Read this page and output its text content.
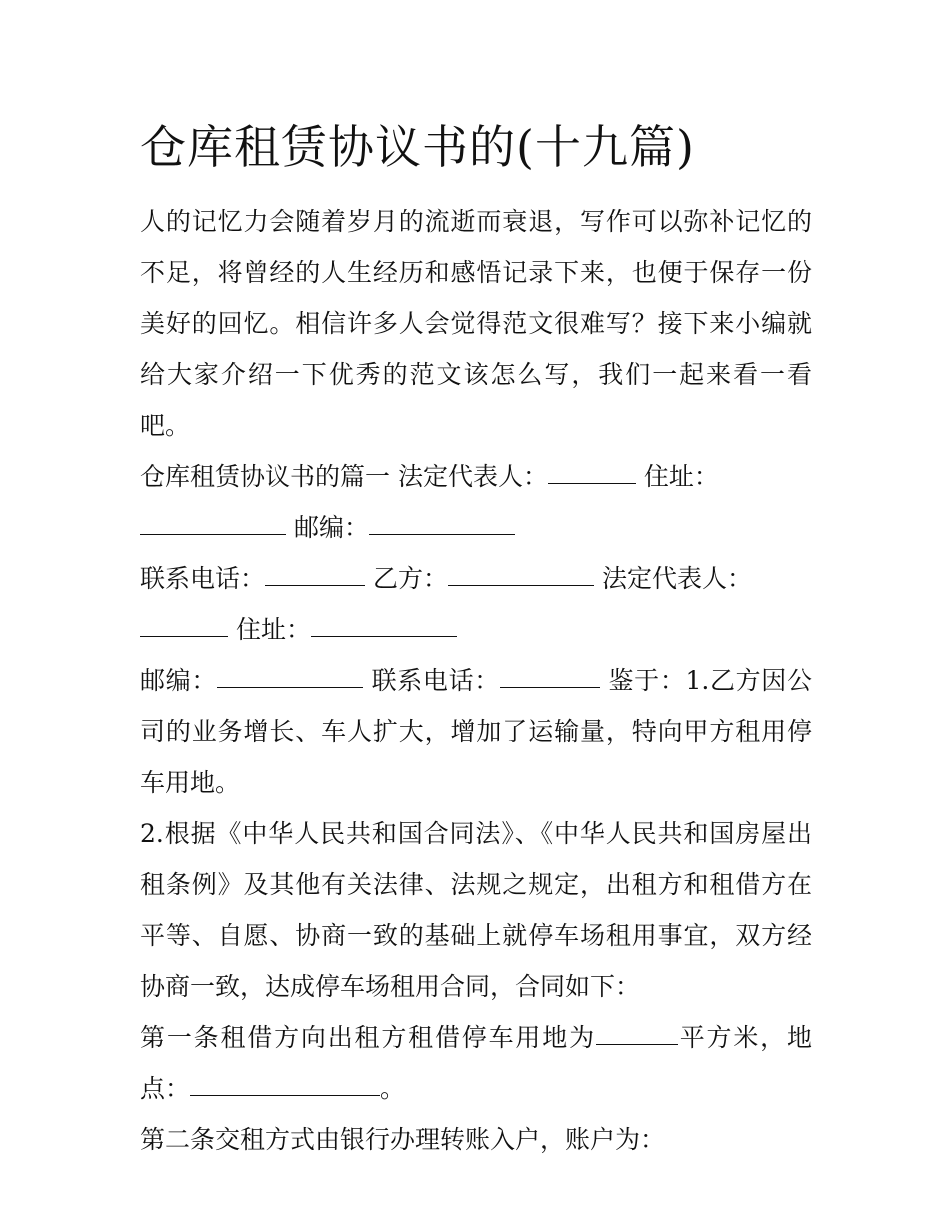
仓库租赁协议书的(十九篇)

人的记忆力会随着岁月的流逝而衰退，写作可以弥补记忆的不足，将曾经的人生经历和感悟记录下来，也便于保存一份美好的回忆。相信许多人会觉得范文很难写？接下来小编就给大家介绍一下优秀的范文该怎么写，我们一起来看一看吧。

仓库租赁协议书的篇一 法定代表人：	住址：
邮编：
联系电话：	乙方：	法定代表人：
住址：
邮编：	联系电话：	鉴于：1.乙方因公司的业务增长、车人扩大，增加了运输量，特向甲方租用停车用地。

2.根据《中华人民共和国合同法》、《中华人民共和国房屋出租条例》及其他有关法律、法规之规定，出租方和租借方在平等、自愿、协商一致的基础上就停车场租用事宜，双方经协商一致，达成停车场租用合同，合同如下：

第一条租借方向出租方租借停车用地为	平方米，地点：	。

第二条交租方式由银行办理转账入户，账户为：
